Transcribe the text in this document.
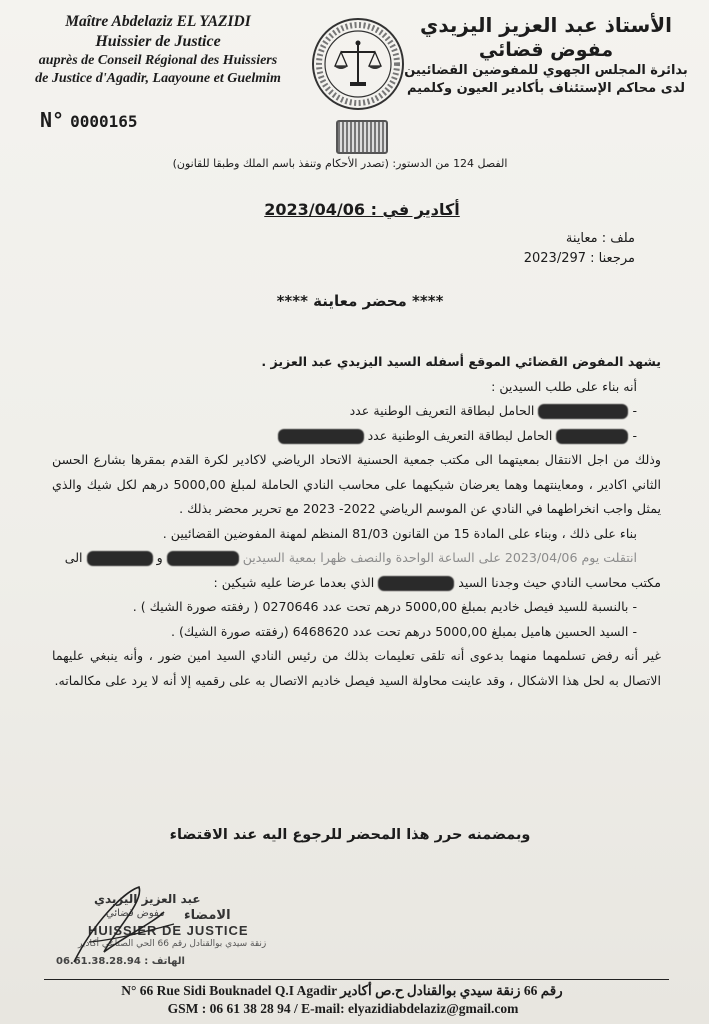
Maître Abdelaziz EL YAZIDI
Huissier de Justice
auprès de Conseil Régional des Huissiers
de Justice d'Agadir, Laayoune et Guelmim
الأستاذ عبد العزيز اليزيدي
مفوض قضائي
بدائرة المجلس الجهوي للمفوضين القضائيين
لدى محاكم الإستئناف بأكادير العيون وكلميم
N° 0000165
الفصل 124 من الدستور: (تصدر الأحكام وتنفذ باسم الملك وطبقا للقانون)
أكادير في : 2023/04/06
ملف : معاينة
مرجعنا : 2023/297
**** محضر معاينة ****

يشهد المفوض القضائي الموقع أسفله السيد اليزيدي عبد العزيز .

أنه بناء على طلب السيدين :

- الحامل لبطاقة التعريف الوطنية عدد

- الحامل لبطاقة التعريف الوطنية عدد

وذلك من اجل الانتقال بمعيتهما الى مكتب جمعية الحسنية الاتحاد الرياضي لاكادير لكرة القدم بمقرها بشارع الحسن الثاني اكادير ، ومعاينتهما وهما يعرضان شيكيهما على محاسب النادي الحاملة لمبلغ 5000,00 درهم لكل شيك والذي يمثل واجب انخراطهما في النادي عن الموسم الرياضي 2022- 2023 مع تحرير محضر بذلك .

بناء على ذلك ، وبناء على المادة 15 من القانون 81/03 المنظم لمهنة المفوضين القضائيين .

انتقلت يوم 2023/04/06 على الساعة الواحدة والنصف ظهرا بمعية السيدين  و  الى

مكتب محاسب النادي حيث وجدنا السيد  الذي بعدما عرضا عليه شيكين :

- بالنسبة للسيد فيصل خاديم بمبلغ 5000,00 درهم تحت عدد 0270646 ( رفقته صورة الشيك ) .

- السيد الحسين هاميل بمبلغ 5000,00 درهم تحت عدد 6468620 (رفقته صورة الشيك) .

غير أنه رفض تسلمهما منهما بدعوى أنه تلقى تعليمات بذلك من رئيس النادي السيد امين ضور ، وأنه ينبغي عليهما الاتصال به لحل هذا الاشكال ، وقد عاينت محاولة السيد فيصل خاديم الاتصال به على رقميه إلا أنه لا يرد على مكالماته.

وبمضمنه حرر هذا المحضر للرجوع اليه عند الاقتضاء
عبد العزيز اليزيدي
مفوض قضائي الامضاء
HUISSIER DE JUSTICE
زنقة سيدي بوالقنادل رقم 66 الحي الصناعي أكادير
الهاتف : 06.61.38.28.94
N° 66 Rue Sidi Bouknadel Q.I Agadir رقم 66 زنقة سيدي بوالقنادل ح.ص أكادير
GSM : 06 61 38 28 94 / E-mail: elyazidiabdelaziz@gmail.com
